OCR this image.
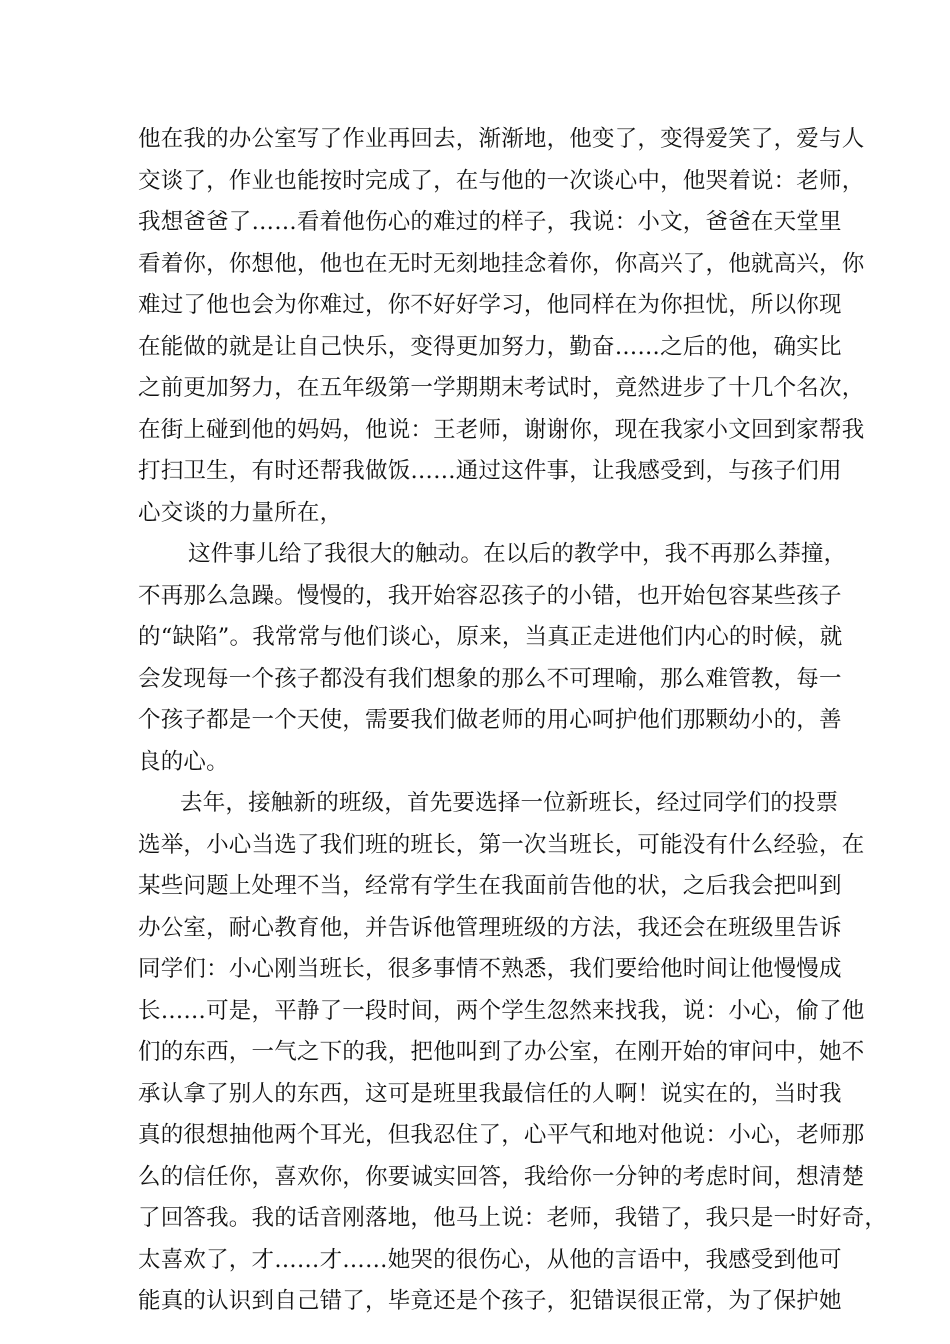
他在我的办公室写了作业再回去，渐渐地，他变了，变得爱笑了，爱与人
交谈了，作业也能按时完成了，在与他的一次谈心中，他哭着说：老师，
我想爸爸了……看着他伤心的难过的样子，我说：小文，爸爸在天堂里
看着你，你想他，他也在无时无刻地挂念着你，你高兴了，他就高兴，你
难过了他也会为你难过，你不好好学习，他同样在为你担忧，所以你现
在能做的就是让自己快乐，变得更加努力，勤奋……之后的他，确实比
之前更加努力，在五年级第一学期期末考试时，竟然进步了十几个名次，
在街上碰到他的妈妈，他说：王老师，谢谢你，现在我家小文回到家帮我
打扫卫生，有时还帮我做饭……通过这件事，让我感受到，与孩子们用
心交谈的力量所在，
这件事儿给了我很大的触动。在以后的教学中，我不再那么莽撞，
不再那么急躁。慢慢的，我开始容忍孩子的小错，也开始包容某些孩子
的“缺陷”。我常常与他们谈心，原来，当真正走进他们内心的时候，就
会发现每一个孩子都没有我们想象的那么不可理喻，那么难管教，每一
个孩子都是一个天使，需要我们做老师的用心呵护他们那颗幼小的，善
良的心。
去年，接触新的班级，首先要选择一位新班长，经过同学们的投票
选举，小心当选了我们班的班长，第一次当班长，可能没有什么经验，在
某些问题上处理不当，经常有学生在我面前告他的状，之后我会把叫到
办公室，耐心教育他，并告诉他管理班级的方法，我还会在班级里告诉
同学们：小心刚当班长，很多事情不熟悉，我们要给他时间让他慢慢成
长……可是，平静了一段时间，两个学生忽然来找我，说：小心，偷了他
们的东西，一气之下的我，把他叫到了办公室，在刚开始的审问中，她不
承认拿了别人的东西，这可是班里我最信任的人啊！说实在的，当时我
真的很想抽他两个耳光，但我忍住了，心平气和地对他说：小心，老师那
么的信任你，喜欢你，你要诚实回答，我给你一分钟的考虑时间，想清楚
了回答我。我的话音刚落地，他马上说：老师，我错了，我只是一时好奇，
太喜欢了，才……才……她哭的很伤心，从他的言语中，我感受到他可
能真的认识到自己错了，毕竟还是个孩子，犯错误很正常，为了保护她
